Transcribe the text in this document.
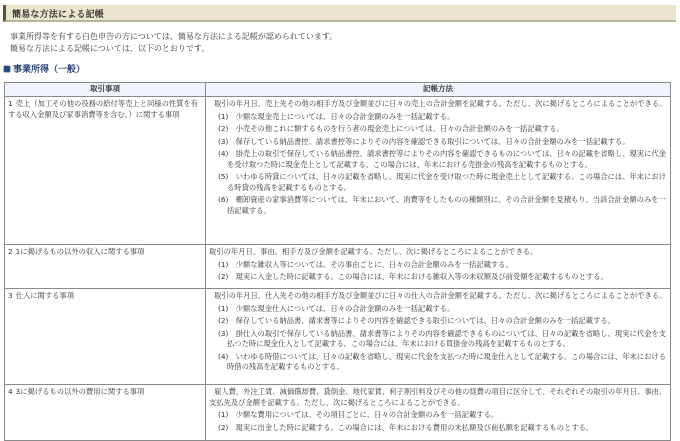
簡易な方法による記帳
事業所得等を有する白色申告の方については、簡易な方法による記帳が認められています。
簡易な方法による記帳については、以下のとおりです。
事業所得（一般）
取引事項	記帳方法
1 売上（加工その他の役務の給付等売上と同様の性質を有する収入金額及び家事消費等を含む。）に関する事項	
取引の年月日、売上先その他の相手方及び金額並びに日々の売上の合計金額を記載する。ただし、次に掲げるところによることができる。
(1)　少額な現金売上については、日々の合計金額のみを一括記載する。
(2)　小売その他これに類するものを行う者の現金売上については、日々の合計金額のみを一括記載する。
(3)　保存している納品書控、請求書控等によりその内容を確認できる取引については、日々の合計金額のみを一括記載する。
(4)　掛売上の取引で保存している納品書控、請求書控等によりその内容を確認できるものについては、日々の記載を省略し、現実に代金を受け取つた時に現金売上として記載する。この場合には、年末における売掛金の残高を記載するものとする。
(5)　いわゆる時貸については、日々の記載を省略し、現実に代金を受け取つた時に現金売上として記載する。この場合には、年末における時貸の残高を記載するものとする。
(6)　棚卸資産の家事消費等については、年末において、消費等をしたものの種類別に、その合計金額を見積もり、当該合計金額のみを一括記載する。

2 1に掲げるもの以外の収入に関する事項	取引の年月日、事由、相手方及び金額を記載する。ただし、次に掲げるところによることができる。
(1)　少額な雑収入等については、その事由ごとに、日々の合計金額のみを一括記載する。
(2)　現実に入金した時に記載する。この場合には、年末における雑収入等の未収額及び前受額を記載するものとする。

3 仕入に関する事項	取引の年月日、仕入先その他の相手方及び金額並びに日々の仕入の合計金額を記載する。ただし、次に掲げるところによることができる。
(1)　少額な現金仕入については、日々の合計金額のみを一括記載する。
(2)　保存している納品書、請求書等によりその内容を確認できる取引については、日々の合計金額のみを一括記載する。
(3)　掛仕入の取引で保存している納品書、請求書等によりその内容を確認できるものについては、日々の記載を省略し、現実に代金を支払つた時に現金仕入として記載する。この場合には、年末における買掛金の残高を記載するものとする。
(4)　いわゆる時借については、日々の記載を省略し、現実に代金を支払つた時に現金仕入として記載する。この場合には、年末における時借の残高を記載するものとする。

4 3に掲げるもの以外の費用に関する事項	雇人費、外注工賃、減価償却費、貸倒金、地代家賃、利子割引料及びその他の経費の項目に区分して、それぞれその取引の年月日、事由、支払先及び金額を記載する。ただし、次に掲げるところによることができる。
(1)　少額な費用については、その項目ごとに、日々の合計金額のみを一括記載する。
(2)　現実に出金した時に記載する。この場合には、年末における費用の未払額及び前払額を記載するものとする。
